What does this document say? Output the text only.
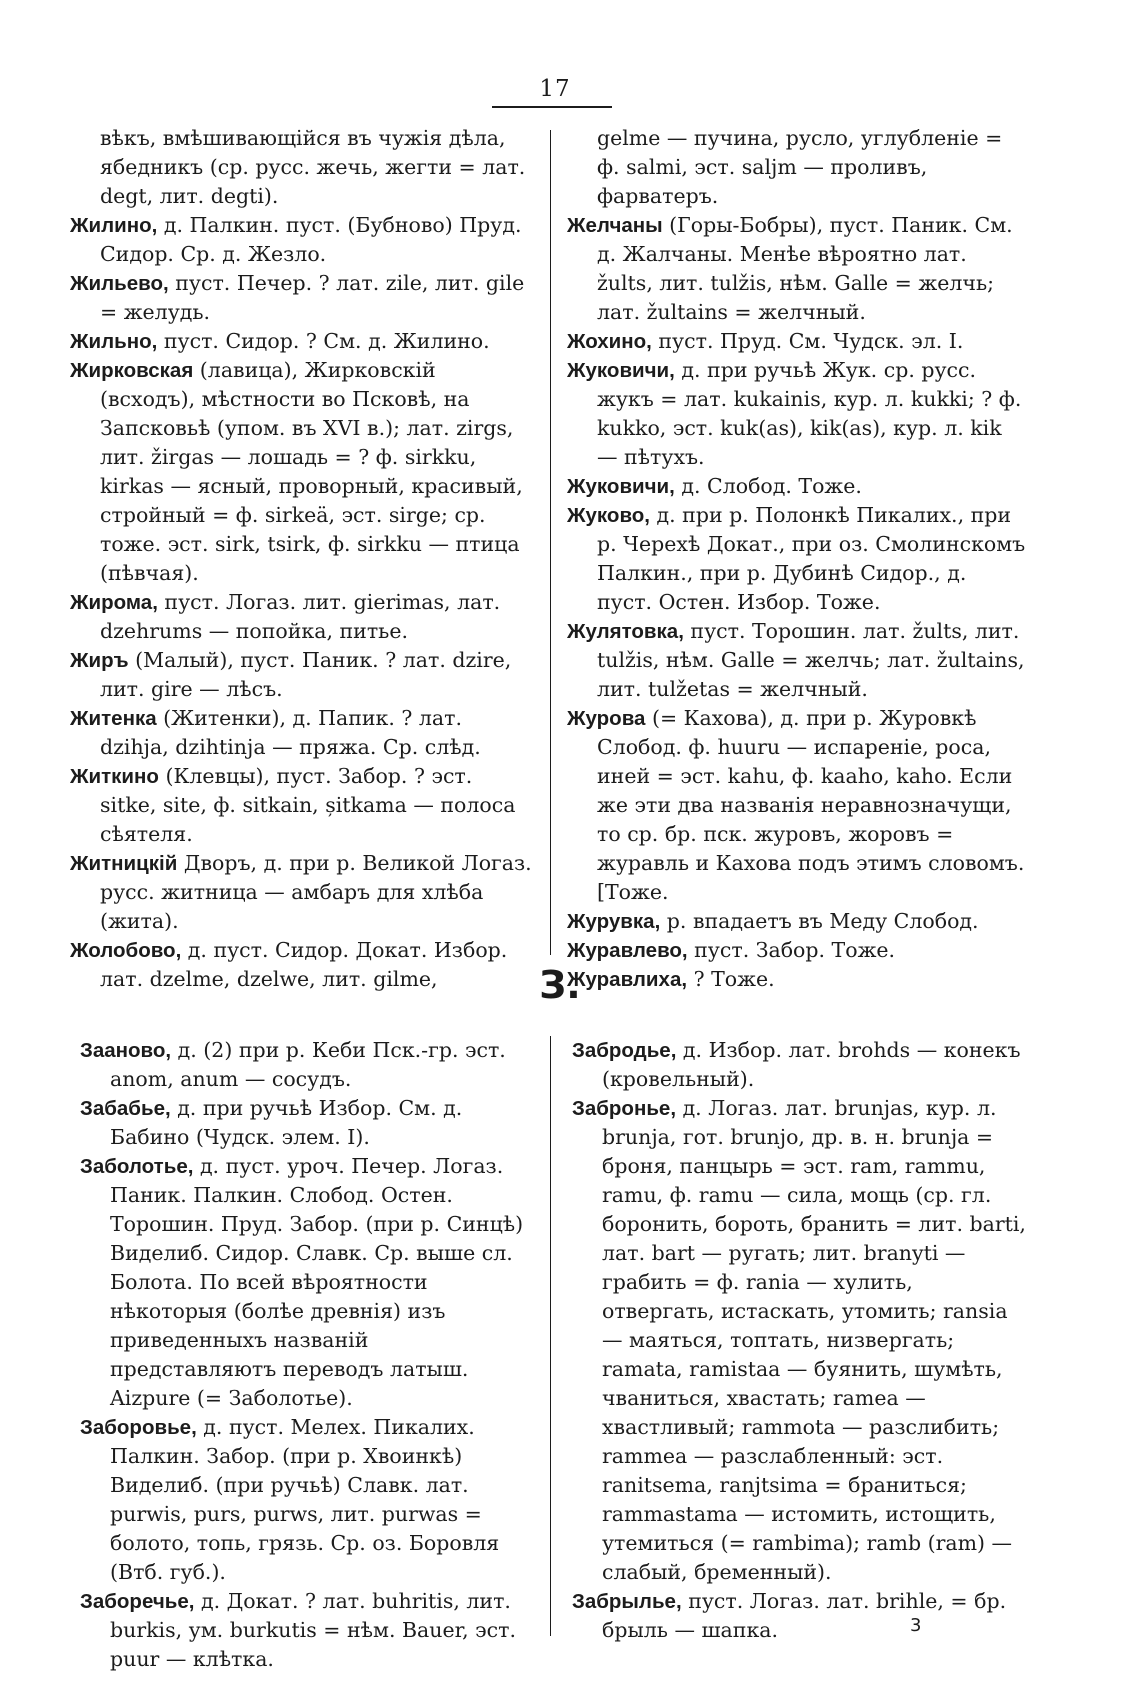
17

вѣкъ, вмѣшивающійся въ чужія дѣла, ябедникъ (ср. русс. жечь, жегти = лат. degt, лит. degti).

Жилино, д. Палкин. пуст. (Бубново) Пруд. Сидор. Ср. д. Жезло.

Жильево, пуст. Печер. ? лат. zile, лит. gile = желудь.

Жильно, пуст. Сидор. ? См. д. Жилино.

Жирковская (лавица), Жирковскій (всходъ), мѣстности во Псковѣ, на Запсковьѣ (упом. въ XVI в.); лат. zirgs, лит. žirgas — лошадь = ? ф. sirkku, kirkas — ясный, проворный, красивый, стройный = ф. sirkeä, эст. sirge; ср. тоже. эст. sirk, tsirk, ф. sirkku — птица (пѣвчая).

Жирома, пуст. Логаз. лит. gierimas, лат. dzehrums — попойка, питье.

Жиръ (Малый), пуст. Паник. ? лат. dzire, лит. gire — лѣсъ.

Житенка (Житенки), д. Папик. ? лат. dzihja, dzihtinja — пряжа. Ср. слѣд.

Житкино (Клевцы), пуст. Забор. ? эст. sitke, site, ф. sitkain, șitkama — полоса сѣятеля.

Житницкій Дворъ, д. при р. Великой Логаз. русс. житница — амбаръ для хлѣба (жита).

Жолобово, д. пуст. Сидор. Докат. Избор. лат. dzelme, dzelwe, лит. gilme,

gelme — пучина, русло, углубленіе = ф. salmi, эст. saljm — проливъ, фарватеръ.

Желчаны (Горы-Бобры), пуст. Паник. См. д. Жалчаны. Менѣе вѣроятно лат. žults, лит. tulžis, нѣм. Galle = желчь; лат. žultains = желчный.

Жохино, пуст. Пруд. См. Чудск. эл. I.

Жуковичи, д. при ручьѣ Жук. ср. русс. жукъ = лат. kukainis, кур. л. kukki; ? ф. kukko, эст. kuk(as), kik(as), кур. л. kik — пѣтухъ.

Жуковичи, д. Слобод. Тоже.

Жуково, д. при р. Полонкѣ Пикалих., при р. Черехѣ Докат., при оз. Смолинскомъ Палкин., при р. Дубинѣ Сидор., д. пуст. Остен. Избор. Тоже.

Жулятовка, пуст. Торошин. лат. žults, лит. tulžis, нѣм. Galle = желчь; лат. žultains, лит. tulžetas = желчный.

Журова (= Кахова), д. при р. Журовкѣ Слобод. ф. huuru — испареніе, роса, иней = эст. kahu, ф. kaaho, kaho. Если же эти два названія неравнозначущи, то ср. бр. пск. журовъ, жоровъ = журавль и Кахова подъ этимъ словомъ. [Тоже.

Журувка, р. впадаетъ въ Меду Слобод.

Журавлево, пуст. Забор. Тоже.

Журавлиха, ? Тоже.

З.

Зааново, д. (2) при р. Кеби Пск.-гр. эст. anom, anum — сосудъ.

Забабье, д. при ручьѣ Избор. См. д. Бабино (Чудск. элем. I).

Заболотье, д. пуст. уроч. Печер. Логаз. Паник. Палкин. Слобод. Остен. Торошин. Пруд. Забор. (при р. Синцѣ) Виделиб. Сидор. Славк. Ср. выше сл. Болота. По всей вѣроятности нѣкоторыя (болѣе древнія) изъ приведенныхъ названій представляютъ переводъ латыш. Aizpure (= Заболотье).

Заборовье, д. пуст. Мелех. Пикалих. Палкин. Забор. (при р. Хвоинкѣ) Виделиб. (при ручьѣ) Славк. лат. purwis, purs, purws, лит. purwas = болото, топь, грязь. Ср. оз. Боровля (Втб. губ.).

Заборечье, д. Докат. ? лат. buhritis, лит. burkis, ум. burkutis = нѣм. Bauer, эст. puur — клѣтка.

Забродье, д. Избор. лат. brohds — конекъ (кровельный).

Забронье, д. Логаз. лат. brunjas, кур. л. brunja, гот. brunjo, др. в. н. brunja = броня, панцырь = эст. ram, rammu, ramu, ф. ramu — сила, мощь (ср. гл. боронить, бороть, бранить = лит. barti, лат. bart — ругать; лит. branyti — грабить = ф. rania — хулить, отвергать, истаскать, утомить; ransia — маяться, топтать, низвергать; ramata, ramistaa — буянить, шумѣть, чваниться, хвастать; ramea — хвастливый; rammota — разслибить; rammea — разслабленный: эст. ranitsema, ranjtsima = браниться; rammastama — истомить, истощить, утемиться (= rambima); ramb (ram) — слабый, бременный).

Забрылье, пуст. Логаз. лат. brihle, = бр. брыль — шапка.	3
